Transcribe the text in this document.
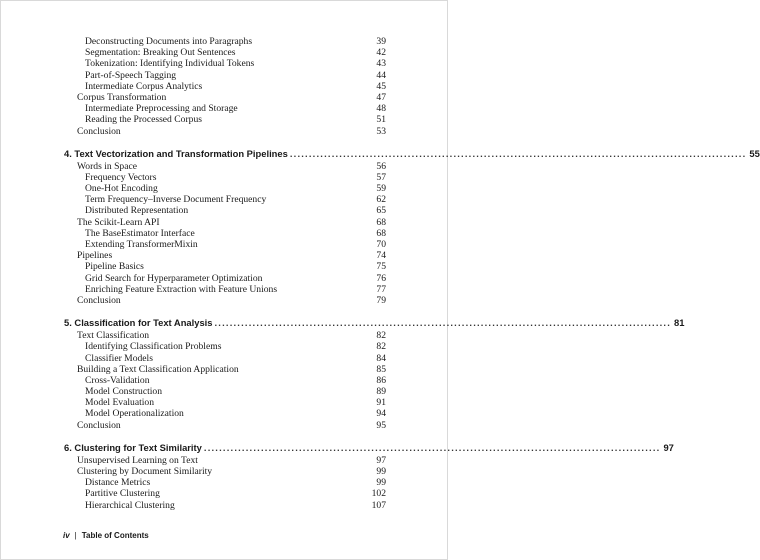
Deconstructing Documents into Paragraphs	39
Segmentation: Breaking Out Sentences	42
Tokenization: Identifying Individual Tokens	43
Part-of-Speech Tagging	44
Intermediate Corpus Analytics	45
Corpus Transformation	47
Intermediate Preprocessing and Storage	48
Reading the Processed Corpus	51
Conclusion	53
4. Text Vectorization and Transformation Pipelines ........................................................................................................................ 55
Words in Space	56
Frequency Vectors	57
One-Hot Encoding	59
Term Frequency–Inverse Document Frequency	62
Distributed Representation	65
The Scikit-Learn API	68
The BaseEstimator Interface	68
Extending TransformerMixin	70
Pipelines	74
Pipeline Basics	75
Grid Search for Hyperparameter Optimization	76
Enriching Feature Extraction with Feature Unions	77
Conclusion	79
5. Classification for Text Analysis ........................................................................................................................ 81
Text Classification	82
Identifying Classification Problems	82
Classifier Models	84
Building a Text Classification Application	85
Cross-Validation	86
Model Construction	89
Model Evaluation	91
Model Operationalization	94
Conclusion	95
6. Clustering for Text Similarity ........................................................................................................................ 97
Unsupervised Learning on Text	97
Clustering by Document Similarity	99
Distance Metrics	99
Partitive Clustering	102
Hierarchical Clustering	107
iv | Table of Contents
